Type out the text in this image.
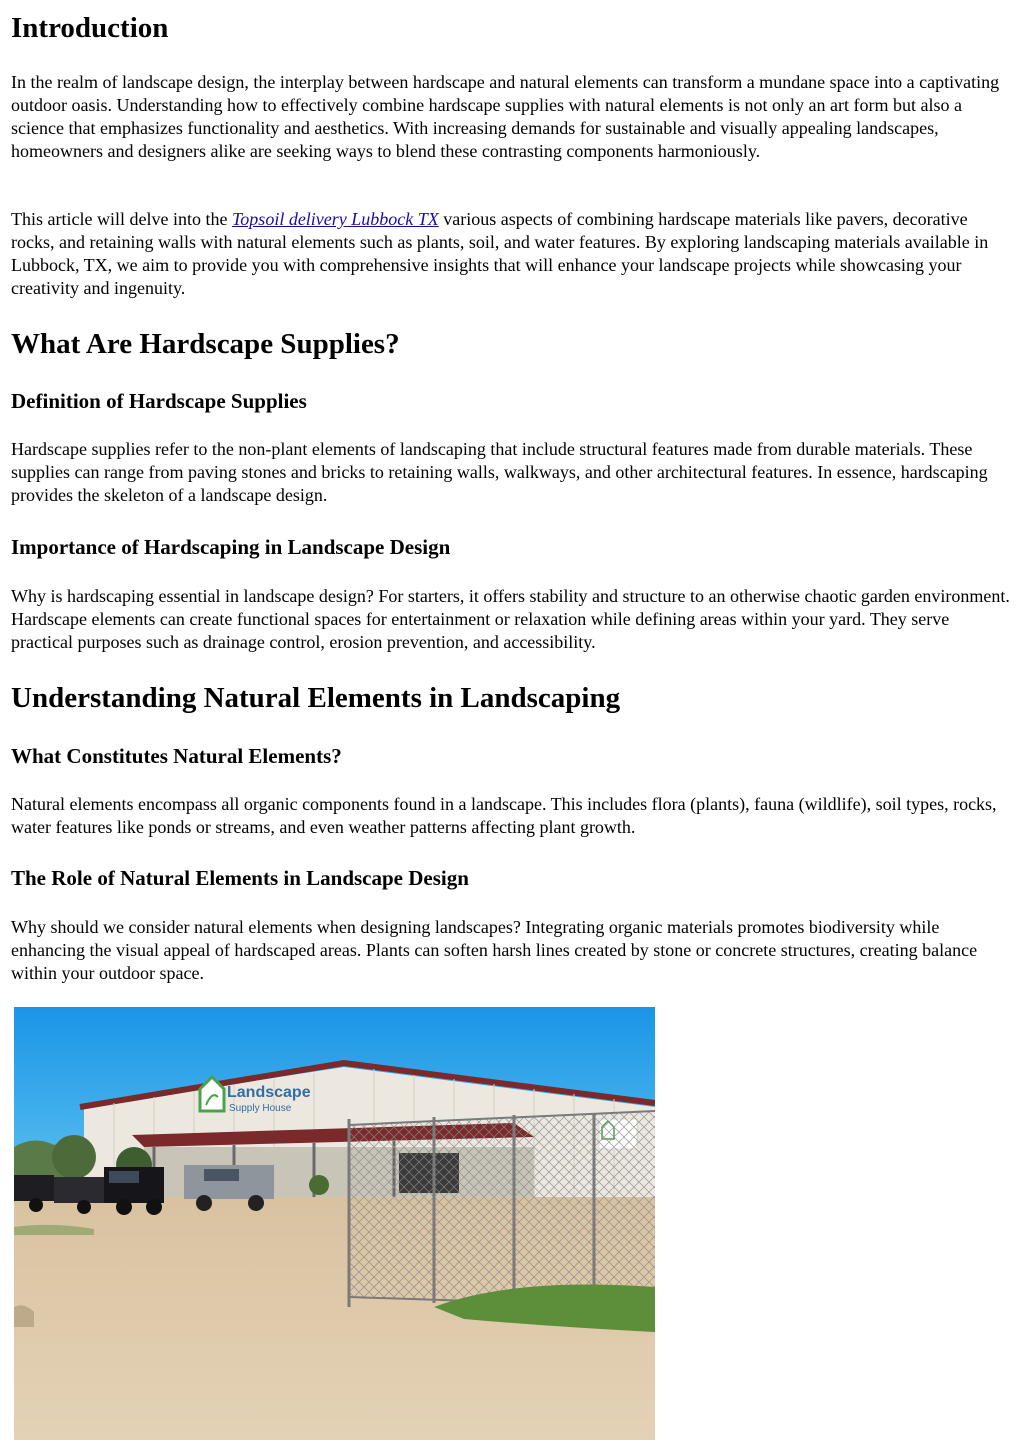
Introduction

In the realm of landscape design, the interplay between hardscape and natural elements can transform a mundane space into a captivating outdoor oasis. Understanding how to effectively combine hardscape supplies with natural elements is not only an art form but also a science that emphasizes functionality and aesthetics. With increasing demands for sustainable and visually appealing landscapes, homeowners and designers alike are seeking ways to blend these contrasting components harmoniously.

This article will delve into the Topsoil delivery Lubbock TX various aspects of combining hardscape materials like pavers, decorative rocks, and retaining walls with natural elements such as plants, soil, and water features. By exploring landscaping materials available in Lubbock, TX, we aim to provide you with comprehensive insights that will enhance your landscape projects while showcasing your creativity and ingenuity.

What Are Hardscape Supplies?
Definition of Hardscape Supplies

Hardscape supplies refer to the non-plant elements of landscaping that include structural features made from durable materials. These supplies can range from paving stones and bricks to retaining walls, walkways, and other architectural features. In essence, hardscaping provides the skeleton of a landscape design.

Importance of Hardscaping in Landscape Design

Why is hardscaping essential in landscape design? For starters, it offers stability and structure to an otherwise chaotic garden environment. Hardscape elements can create functional spaces for entertainment or relaxation while defining areas within your yard. They serve practical purposes such as drainage control, erosion prevention, and accessibility.

Understanding Natural Elements in Landscaping
What Constitutes Natural Elements?

Natural elements encompass all organic components found in a landscape. This includes flora (plants), fauna (wildlife), soil types, rocks, water features like ponds or streams, and even weather patterns affecting plant growth.

The Role of Natural Elements in Landscape Design

Why should we consider natural elements when designing landscapes? Integrating organic materials promotes biodiversity while enhancing the visual appeal of hardscaped areas. Plants can soften harsh lines created by stone or concrete structures, creating balance within your outdoor space.

Landscape
Supply House
